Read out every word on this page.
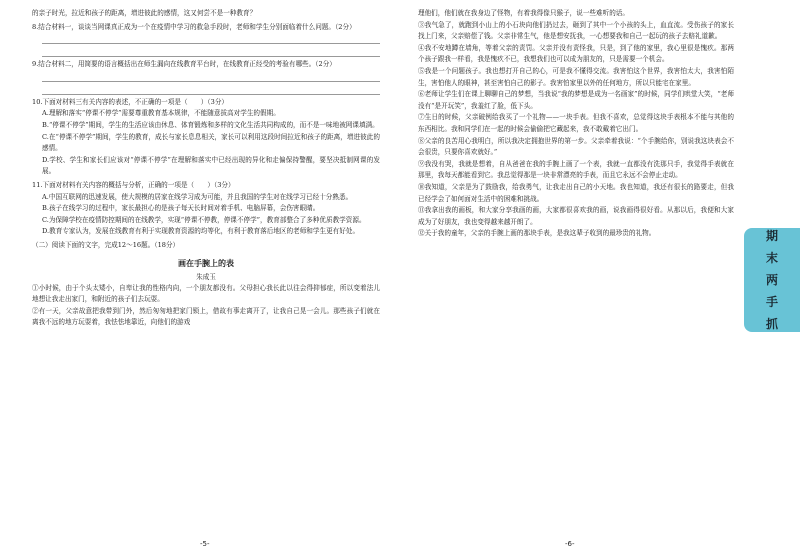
的亲子时光，拉近和孩子的距离，增进彼此的感情，这又何尝不是一种教育？

8.结合材料一，谈谈当网课真正成为一个在疫情中学习的救急手段时，老师和学生分别面临着什么问题。（2分）

9.结合材料二，用简要的语言概括出在师生漏向在线教育平台时，在线教育正经受的考验有哪些。（2分）

10.下面对材料三有关内容的表述，不正确的一项是（　　）（3分）

A.理解和落实“停课不停学”需要尊重教育基本规律，不能随意拔高对学生的假期。

B.“停课不停学”期间，学生的生活应该由休息、体育锻炼和多样的文化生活共同构成的，而不是一味地被网课填满。

C.在“停课不停学”期间，学生的教育，成长与家长息息相关，家长可以利用这段时间拉近和孩子的距离，增进彼此的感情。

D.学校、学生和家长们应该对“停课不停学”在理解和落实中已经出现的异化和走偏保持警醒，要坚决抵制网课的发展。

11.下面对材料有关内容的概括与分析，正确的一项是（　　）（3分）

A.中国互联网的迅速发展，使大规模的居家在线学习成为可能，并且我国的学生对在线学习已经十分熟悉。

B.孩子在线学习的过程中，家长最担心的是孩子每天长时间对着手机、电脑屏幕，会伤害眼睛。

C.为保障学校在疫情防控期间的在线教学，实现“停课不停教，停课不停学”，教育部整合了多种优质教学资源。

D.教育专家认为，发展在线教育有利于实现教育资源的均等化，有利于教育落后地区的老师和学生更有好处。

（二）阅读下面的文字，完成12～16题。（18分）

画在手腕上的表
朱成玉

①小时候，由于个头太矮小，自卑让我的性格内向，一个朋友都没有。父母担心我长此以往会得抑郁症，所以变着法儿地想让我走出家门，和附近的孩子们去玩耍。

②有一天，父亲故意把我带到门外，然后匆匆地把家门锁上，借故有事走离开了，让我自己晃一会儿。那些孩子们就在离我不远的地方玩耍着，我怯怯地靠近，向他们的游戏

-5-

理他们，他们就在我身边了怪物，有着我得像只猴子，说一些难听的话。

③我气急了，就跑到小山上的小石块向他们扔过去，砸到了其中一个小孩的头上，血直流。受伤孩子的家长找上门来，父亲赔偿了钱。父亲非常生气，他是想安抚我，一心想要我和自己一起玩的孩子去赔礼道歉。

④我不安地蹲在墙角，等着父亲的责罚。父亲并没有责怪我，只是，到了他的家里，我心里很是愧疚。那两个孩子跟我一样看，我是愧疚不已，我想我们也可以成为朋友的，只是需要一个机会。

⑤我是一个问题孩子。我也想打开自己的心，可是我不懂得交流。我害怕这个世界，我害怕太大，我害怕陌生，害怕他人的眼神，甚至害怕自己的影子。我害怕家里以外的任何地方，所以只能宅在家里。

⑥老师让学生们在课上聊聊自己的梦想，当我说“我的梦想是成为一名画家”的时候，同学们哄堂大笑，“老师没有“是开玩笑”，我羞红了脸，低下头。

⑦生日的时候，父亲破例给我买了一个礼物——一块手表。但我不喜欢，总觉得这块手表根本不能与其他的东西相比。我和同学们在一起的时候会偷偷把它藏起来，我不敢戴着它出门。

⑧父亲的良苦用心我明白，所以我决定拥抱世界的第一步。父亲牵着我说：“个手腕给你，别说我这块表会不会很贵，只要你喜欢就好。”

⑨我没有哭，我就是想着，自从爸爸在我的手腕上画了一个表，我就一直都没有洗那只手，我觉得手表就在那里，我每天都能看到它。我总觉得那是一块非常漂亮的手表，而且它永远不会停止走动。

⑩我知道，父亲是为了鼓励我，给我勇气，让我走出自己的小天地。我也知道，我还有很长的路要走，但我已经学会了如何面对生活中的困难和挑战。

⑪我拿出我的画板，和大家分享我画的画，大家都很喜欢我的画，说我画得很好看。从那以后，我便和大家成为了好朋友，我也变得越来越开朗了。

⑫关于我的童年，父亲的手腕上画的那块手表，是我这辈子收到的最珍贵的礼物。

-6-
期
末
两
手
抓
